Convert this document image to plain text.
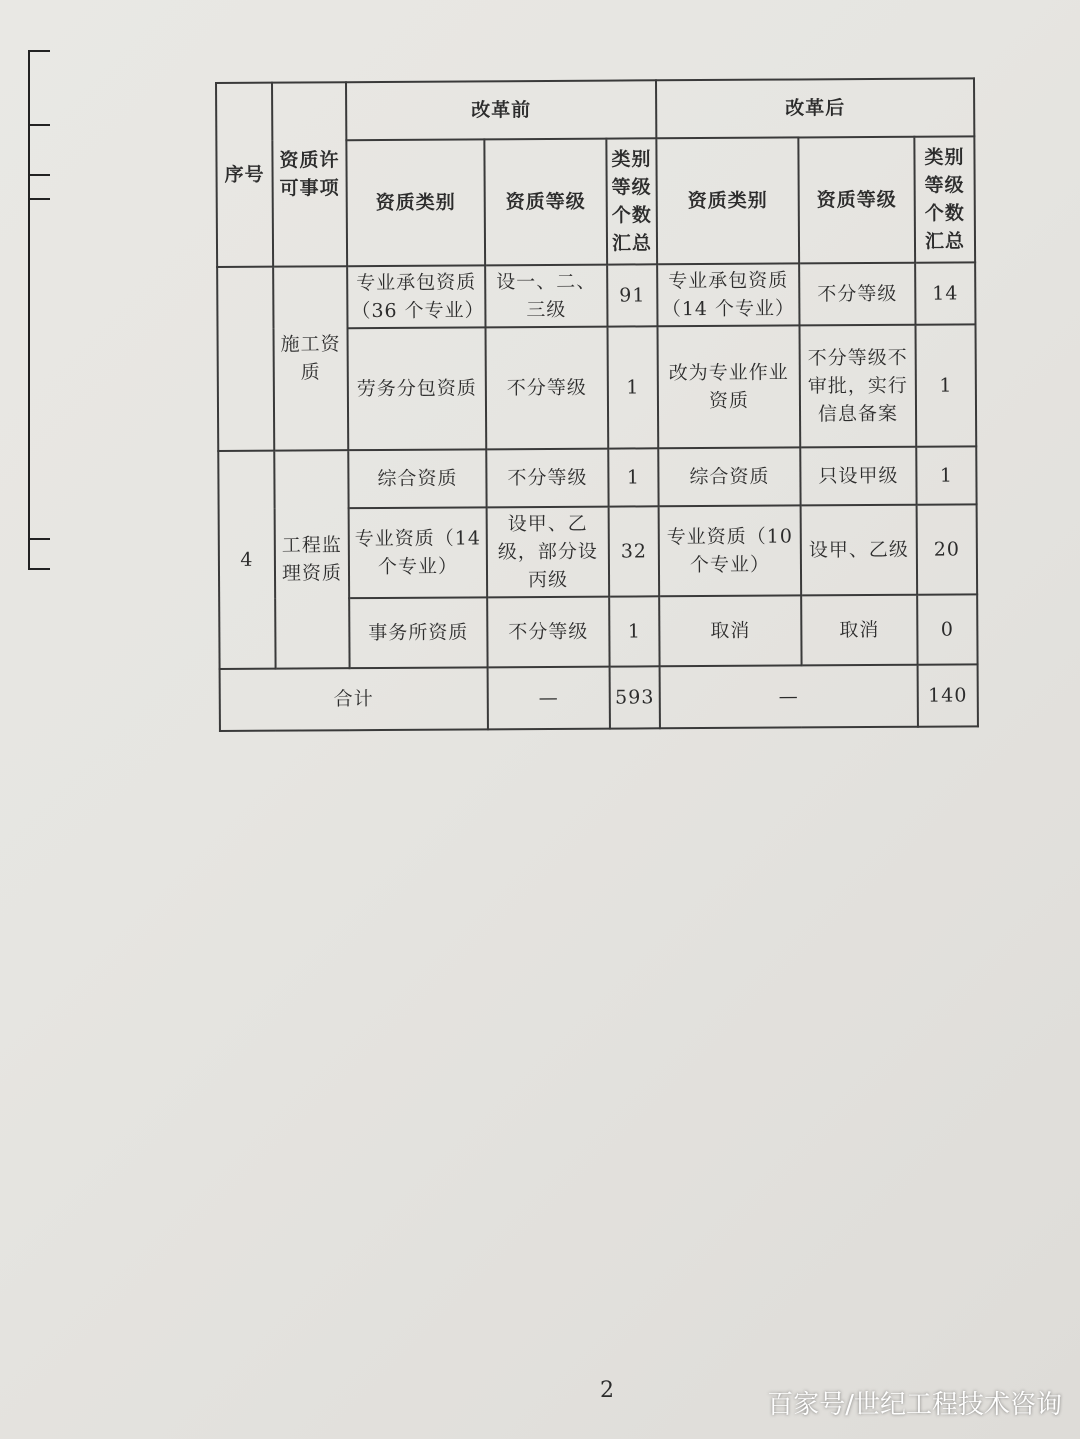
序号	资质许可事项	改革前			改革后		
		资质类别	资质等级	类别等级个数汇总	资质类别	资质等级	类别等级个数汇总
	施工资质	专业承包资质（36 个专业）	设一、二、三级	91	专业承包资质（14 个专业）	不分等级	14
		劳务分包资质	不分等级	1	改为专业作业资质	不分等级不审批，实行信息备案	1
4	工程监理资质	综合资质	不分等级	1	综合资质	只设甲级	1
		专业资质（14 个专业）	设甲、乙级，部分设丙级	32	专业资质（10 个专业）	设甲、乙级	20
		事务所资质	不分等级	1	取消	取消	0
合计			—	593	—		140
2	百家号/世纪工程技术咨询
